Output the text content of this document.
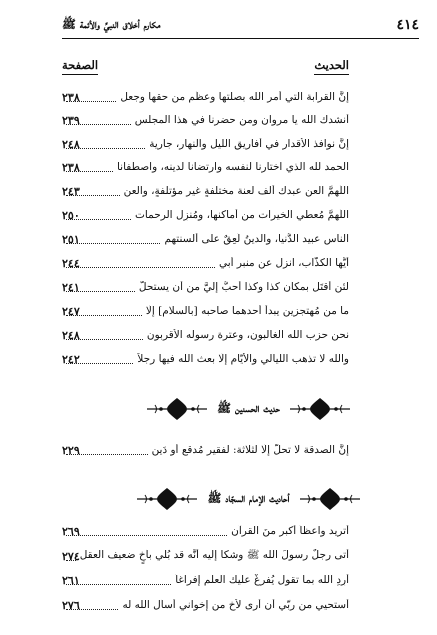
٤١٤
مكارم أخلاق النبيِّ والأئمة ﷺ
الحديث
الصفحة
إنَّ القرابة التي أمر الله بصلتها وعظَّم من حقها وجعل
٢٣٨
أنشدك الله يا مروان ومن حضرنا في هذا المجلس
٢٣٩
إنَّ نوافذ الأقدار في أفاريق الليل والنهار، جارية
٢٤٨
الحمد لله الذي اختارنا لنفسه وارتضانا لدينه، واصطفانا
٢٣٨
اللَّهمَّ العن عبدك ألف لعنة مختلفةٍ غير مؤتلفةٍ، والعن
٢٤٣
اللَّهمَّ مُعطي الخيرات من أماكنها، ومُنزِل الرحمات
٢٥٠
الناس عبيد الدُّنيا، والدينُ لَعِقٌ على ألسنتهم
٢٥١
أيُّها الكذّاب، انزل عن منبر أبي
٢٤٤
لئن أُقتَل بمكان كذا وكذا أحبُّ إليَّ من أن يستحلّ
٢٤١
ما من مُهتجزين يبدأ أحدهما صاحبه [بالسلام] إلّا
٢٤٧
نحن حزب الله الغالبون، وعترة رسوله الأقربون
٢٤٨
والله لا تذهب الليالي والأيّام إلّا بعث الله فيها رجلاً
٢٤٢
حديث الحسنين ﷺ
إنَّ الصدقة لا تحلُّ إلّا لثلاثة: لفقير مُدقع أو دَين
٢٢٩
أحاديث الإمام السجّاد ﷺ
أتريد واعظاً أكبر منَ القرآن
٢٦٩
أتى رجلٌ رسولَ الله ﷺ وشكا إليه أنَّه قد بُلي بأخٍ ضعيف العقل
٢٧٤
أرِدِ الله بما تقول يُفرغْ عليك العلم إفراغاً
٢٦١
أستحيي من ربّي أن أرى لأخٍ من إخواني أسأل الله له
٢٧٦
